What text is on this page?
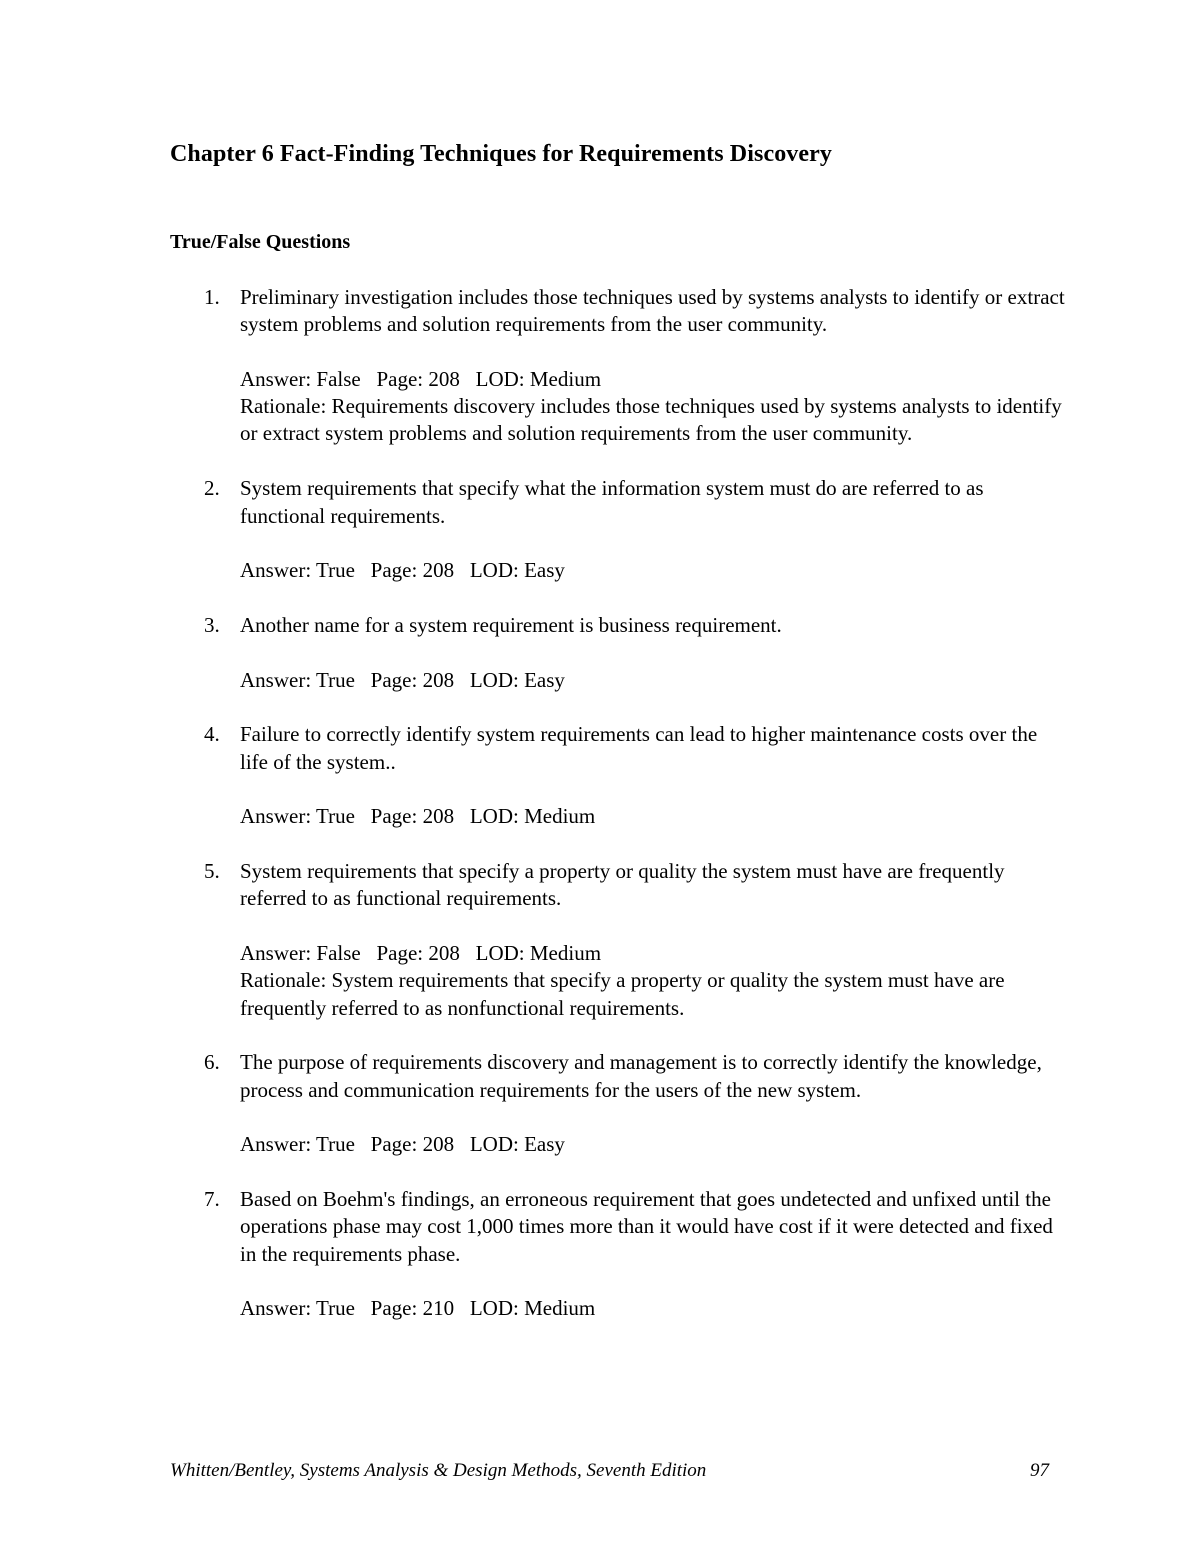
Chapter 6 Fact-Finding Techniques for Requirements Discovery
True/False Questions
1. Preliminary investigation includes those techniques used by systems analysts to identify or extract system problems and solution requirements from the user community.
Answer: False   Page: 208   LOD: Medium
Rationale: Requirements discovery includes those techniques used by systems analysts to identify or extract system problems and solution requirements from the user community.
2. System requirements that specify what the information system must do are referred to as functional requirements.
Answer: True   Page: 208   LOD: Easy
3. Another name for a system requirement is business requirement.
Answer: True   Page: 208   LOD: Easy
4. Failure to correctly identify system requirements can lead to higher maintenance costs over the life of the system..
Answer: True   Page: 208   LOD: Medium
5. System requirements that specify a property or quality the system must have are frequently referred to as functional requirements.
Answer: False   Page: 208   LOD: Medium
Rationale: System requirements that specify a property or quality the system must have are frequently referred to as nonfunctional requirements.
6. The purpose of requirements discovery and management is to correctly identify the knowledge, process and communication requirements for the users of the new system.
Answer: True   Page: 208   LOD: Easy
7. Based on Boehm's findings, an erroneous requirement that goes undetected and unfixed until the operations phase may cost 1,000 times more than it would have cost if it were detected and fixed in the requirements phase.
Answer: True   Page: 210   LOD: Medium
Whitten/Bentley, Systems Analysis & Design Methods, Seventh Edition	97
